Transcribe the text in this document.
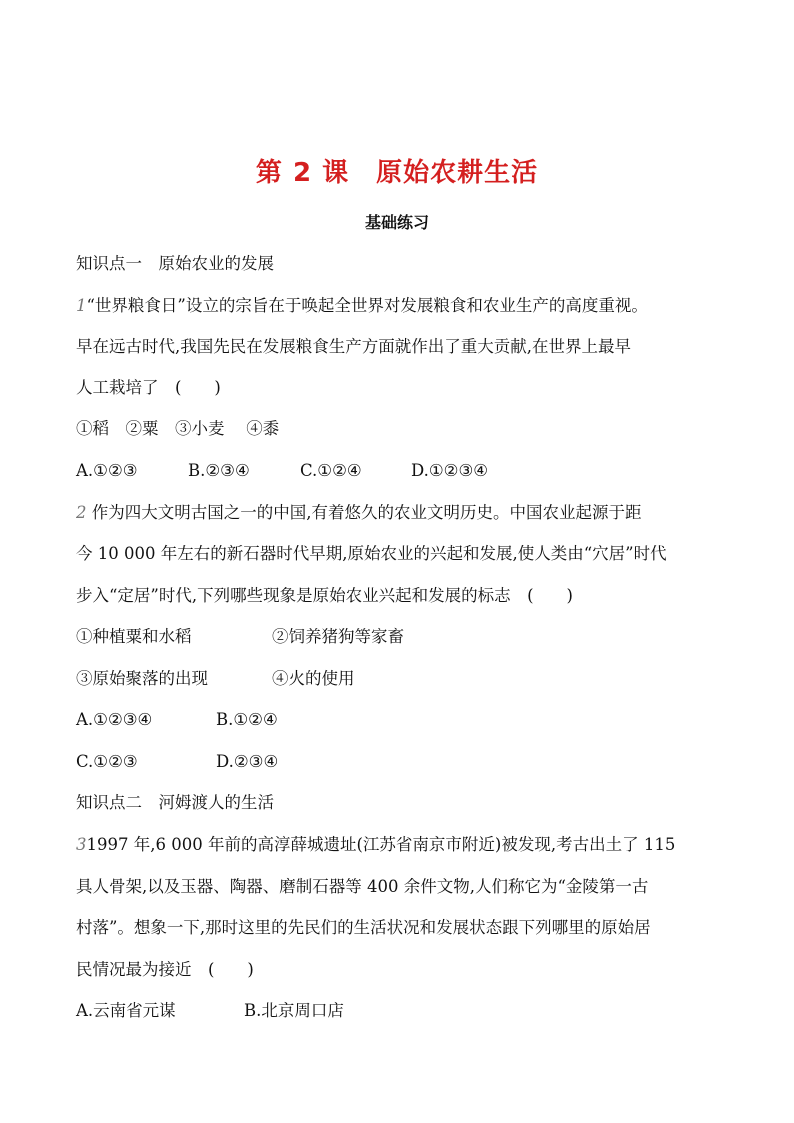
第 2 课　原始农耕生活
基础练习
知识点一　原始农业的发展
1“世界粮食日”设立的宗旨在于唤起全世界对发展粮食和农业生产的高度重视。
早在远古时代,我国先民在发展粮食生产方面就作出了重大贡献,在世界上最早
人工栽培了　(　　)
①稻　②粟　③小麦　 ④黍
A.①②③	B.②③④	C.①②④	D.①②③④
2 作为四大文明古国之一的中国,有着悠久的农业文明历史。中国农业起源于距
今 10 000 年左右的新石器时代早期,原始农业的兴起和发展,使人类由“穴居”时代
步入“定居”时代,下列哪些现象是原始农业兴起和发展的标志　(　　)
①种植粟和水稻	②饲养猪狗等家畜
③原始聚落的出现	④火的使用
A.①②③④	B.①②④
C.①②③	D.②③④
知识点二　河姆渡人的生活
31997 年,6 000 年前的高淳薛城遗址(江苏省南京市附近)被发现,考古出土了 115
具人骨架,以及玉器、陶器、磨制石器等 400 余件文物,人们称它为“金陵第一古
村落”。想象一下,那时这里的先民们的生活状况和发展状态跟下列哪里的原始居
民情况最为接近　(　　)
A.云南省元谋	B.北京周口店
